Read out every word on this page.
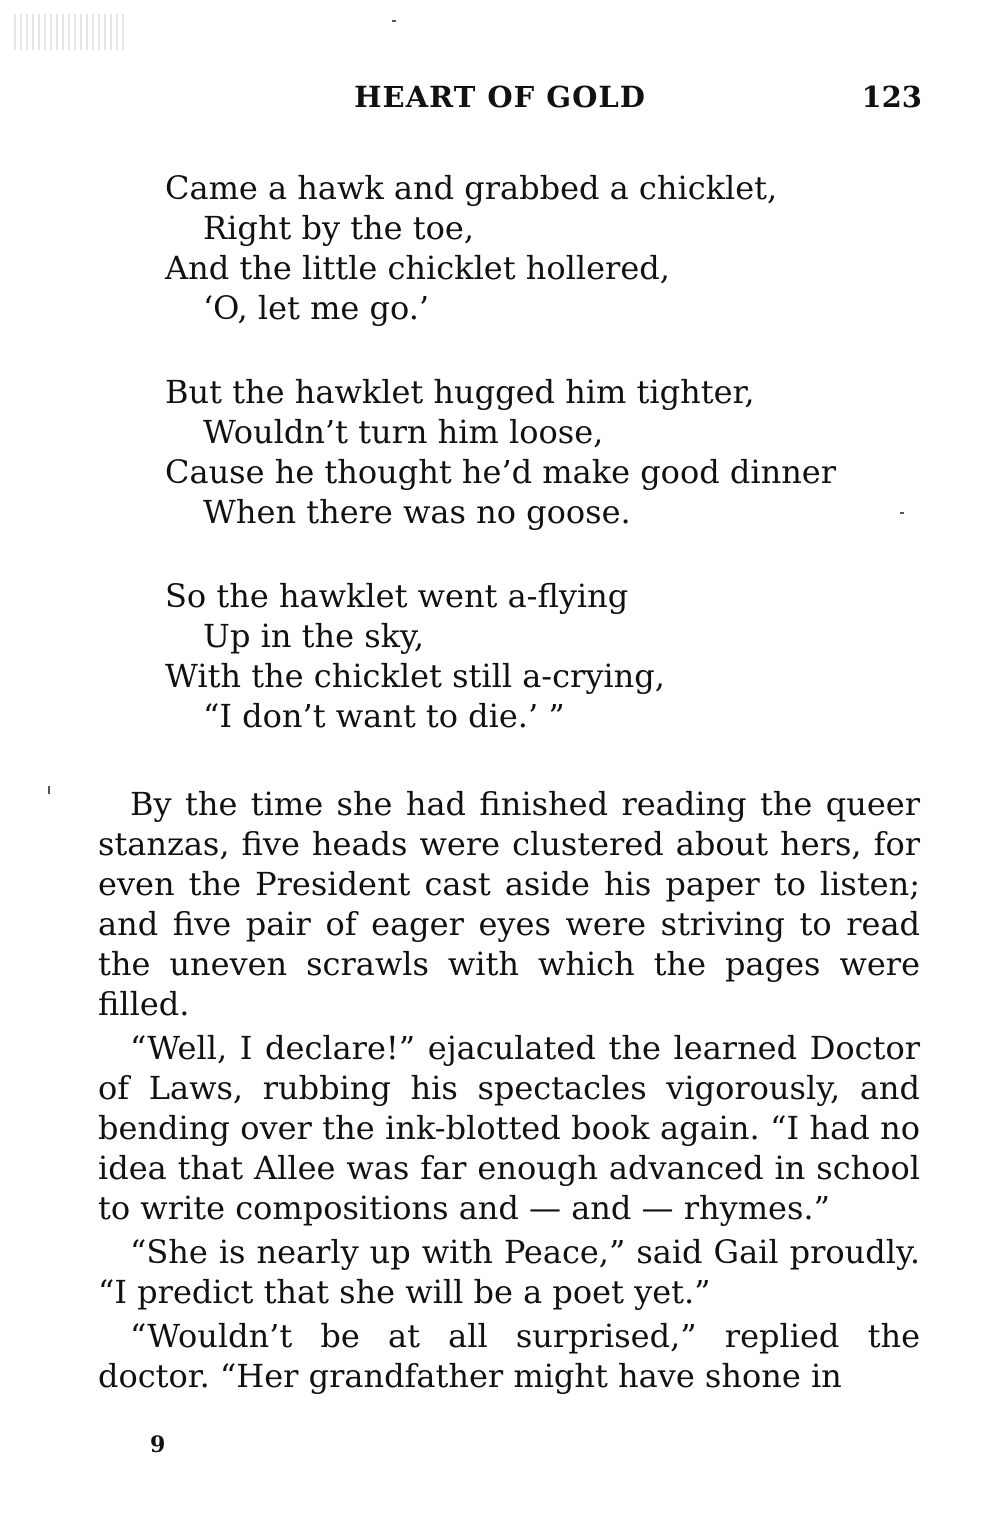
HEART OF GOLD	123
Came a hawk and grabbed a chicklet,
Right by the toe,
And the little chicklet hollered,
‘O, let me go.’
But the hawklet hugged him tighter,
Wouldn’t turn him loose,
Cause he thought he’d make good dinner
When there was no goose.
So the hawklet went a-flying
Up in the sky,
With the chicklet still a-crying,
“I don’t want to die.’ ”

By the time she had finished reading the queer stanzas, five heads were clustered about hers, for even the President cast aside his paper to listen; and five pair of eager eyes were striving to read the uneven scrawls with which the pages were filled.

“Well, I declare!” ejaculated the learned Doctor of Laws, rubbing his spectacles vigorously, and bending over the ink-blotted book again. “I had no idea that Allee was far enough advanced in school to write compositions and — and — rhymes.”

“She is nearly up with Peace,” said Gail proudly. “I predict that she will be a poet yet.”

“Wouldn’t be at all surprised,” replied the doctor. “Her grandfather might have shone in

9
